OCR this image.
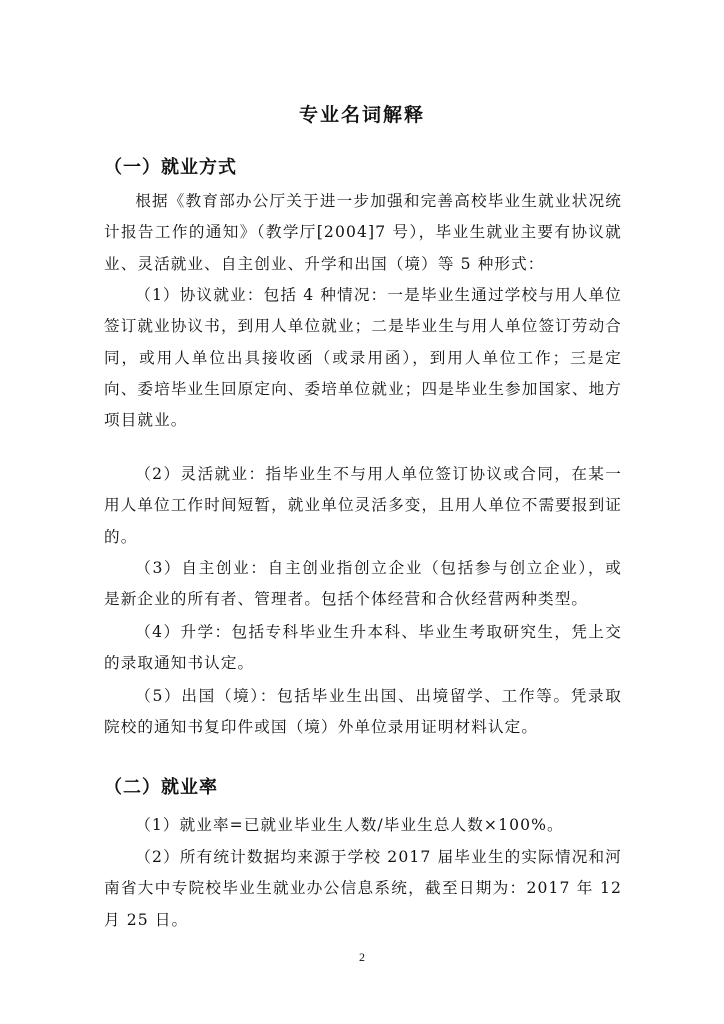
专业名词解释
（一）就业方式

根据《教育部办公厅关于进一步加强和完善高校毕业生就业状况统计报告工作的通知》（教学厅[2004]7 号），毕业生就业主要有协议就业、灵活就业、自主创业、升学和出国（境）等 5 种形式：

（1）协议就业：包括 4 种情况：一是毕业生通过学校与用人单位签订就业协议书，到用人单位就业；二是毕业生与用人单位签订劳动合同，或用人单位出具接收函（或录用函），到用人单位工作；三是定向、委培毕业生回原定向、委培单位就业；四是毕业生参加国家、地方项目就业。

（2）灵活就业：指毕业生不与用人单位签订协议或合同，在某一用人单位工作时间短暂，就业单位灵活多变，且用人单位不需要报到证的。

（3）自主创业：自主创业指创立企业（包括参与创立企业），或是新企业的所有者、管理者。包括个体经营和合伙经营两种类型。

（4）升学：包括专科毕业生升本科、毕业生考取研究生，凭上交的录取通知书认定。

（5）出国（境）：包括毕业生出国、出境留学、工作等。凭录取院校的通知书复印件或国（境）外单位录用证明材料认定。

（二）就业率

（1）就业率=已就业毕业生人数/毕业生总人数×100%。

（2）所有统计数据均来源于学校 2017 届毕业生的实际情况和河南省大中专院校毕业生就业办公信息系统，截至日期为：2017 年 12 月 25 日。

2
